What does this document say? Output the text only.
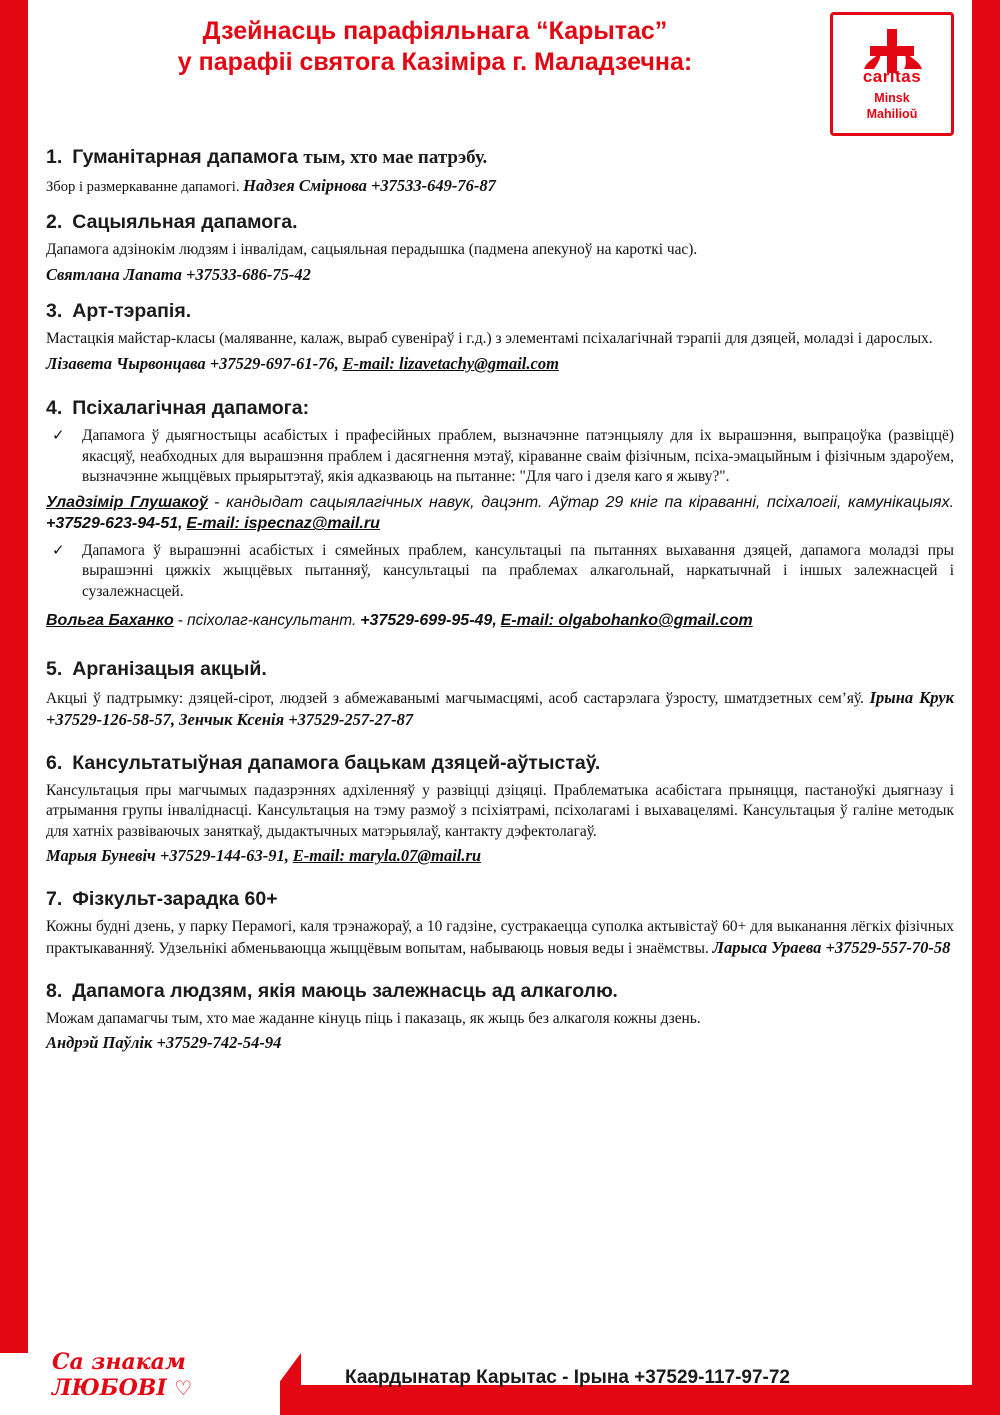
Дзейнасць парафіяльнага “Карытас”
у парафіі святога Казіміра г. Маладзечна:
caritas
Minsk
Mahilioŭ
1. Гуманітарная дапамога тым, хто мае патрэбу.

Збор і размеркаванне дапамогі. Надзея Смірнова +37533-649-76-87

2. Сацыяльная дапамога.

Дапамога адзінокім людзям і інвалідам, сацыяльная перадышка (падмена апекуноў на кароткі час).

Святлана Лапата +37533-686-75-42

3. Арт-тэрапія.

Мастацкія майстар-класы (маляванне, калаж, выраб сувеніраў і г.д.) з элементамі псіхалагічнай тэрапіі для дзяцей, моладзі і дарослых.

Лізавета Чырвонцава +37529-697-61-76, E-mail: lizavetachy@gmail.com

4. Псіхалагічная дапамога:
✓	Дапамога ў дыягностыцы асабістых і прафесійных праблем, вызначэнне патэнцыялу для іх вырашэння, выпрацоўка (развіццё) якасцяў, неабходных для вырашэння праблем і дасягнення мэтаў, кіраванне сваім фізічным, псіха-эмацыйным і фізічным здароўем, вызначэнне жыццёвых прыярытэтаў, якія адказваюць на пытанне: "Для чаго і дзеля каго я жыву?".

Уладзімір Глушакоў - кандыдат сацыялагічных навук, дацэнт. Аўтар 29 кніг па кіраванні, псіхалогіі, камунікацыях. +37529-623-94-51, E-mail: ispecnaz@mail.ru

✓	Дапамога ў вырашэнні асабістых і сямейных праблем, кансультацыі па пытаннях выхавання дзяцей, дапамога моладзі пры вырашэнні цяжкіх жыццёвых пытанняў, кансультацыі па праблемах алкагольнай, наркатычнай і іншых залежнасцей і сузалежнасцей.

Вольга Баханко - псіхолаг-кансультант. +37529-699-95-49, E-mail: olgabohanko@gmail.com

5. Арганізацыя акцый.

Акцыі ў падтрымку: дзяцей-сірот, людзей з абмежаванымі магчымасцямі, асоб састарэлага ўзросту, шматдзетных сем’яў. Ірына Крук +37529-126-58-57, Зенчык Ксенія +37529-257-27-87

6. Кансультатыўная дапамога бацькам дзяцей-аўтыстаў.

Кансультацыя пры магчымых падазрэннях адхіленняў у развіцці дзіцяці. Праблематыка асабістага прыняцця, пастаноўкі дыягназу і атрымання групы інваліднасці. Кансультацыя на тэму размоў з псіхіятрамі, псіхолагамі і выхавацелямі. Кансультацыя ў галіне методык для хатніх развіваючых заняткаў, дыдактычных матэрыялаў, кантакту дэфектолагаў.

Марыя Буневіч +37529-144-63-91, E-mail: maryla.07@mail.ru

7. Фізкульт-зарадка 60+

Кожны будні дзень, у парку Перамогі, каля трэнажораў, а 10 гадзіне, сустракаецца суполка актывістаў 60+ для выканання лёгкіх фізічных практыкаванняў. Удзельнікі абменьваюцца жыццёвым вопытам, набываюць новыя веды і знаёмствы. Ларыса Ураева +37529-557-70-58

8. Дапамога людзям, якія маюць залежнасць ад алкаголю.

Можам дапамагчы тым, хто мае жаданне кінуць піць і паказаць, як жыць без алкаголя кожны дзень.

Андрэй Паўлік +37529-742-54-94

Са знакам
ЛЮБОВІ ♡	Каардынатар Карытас - Ірына +37529-117-97-72
